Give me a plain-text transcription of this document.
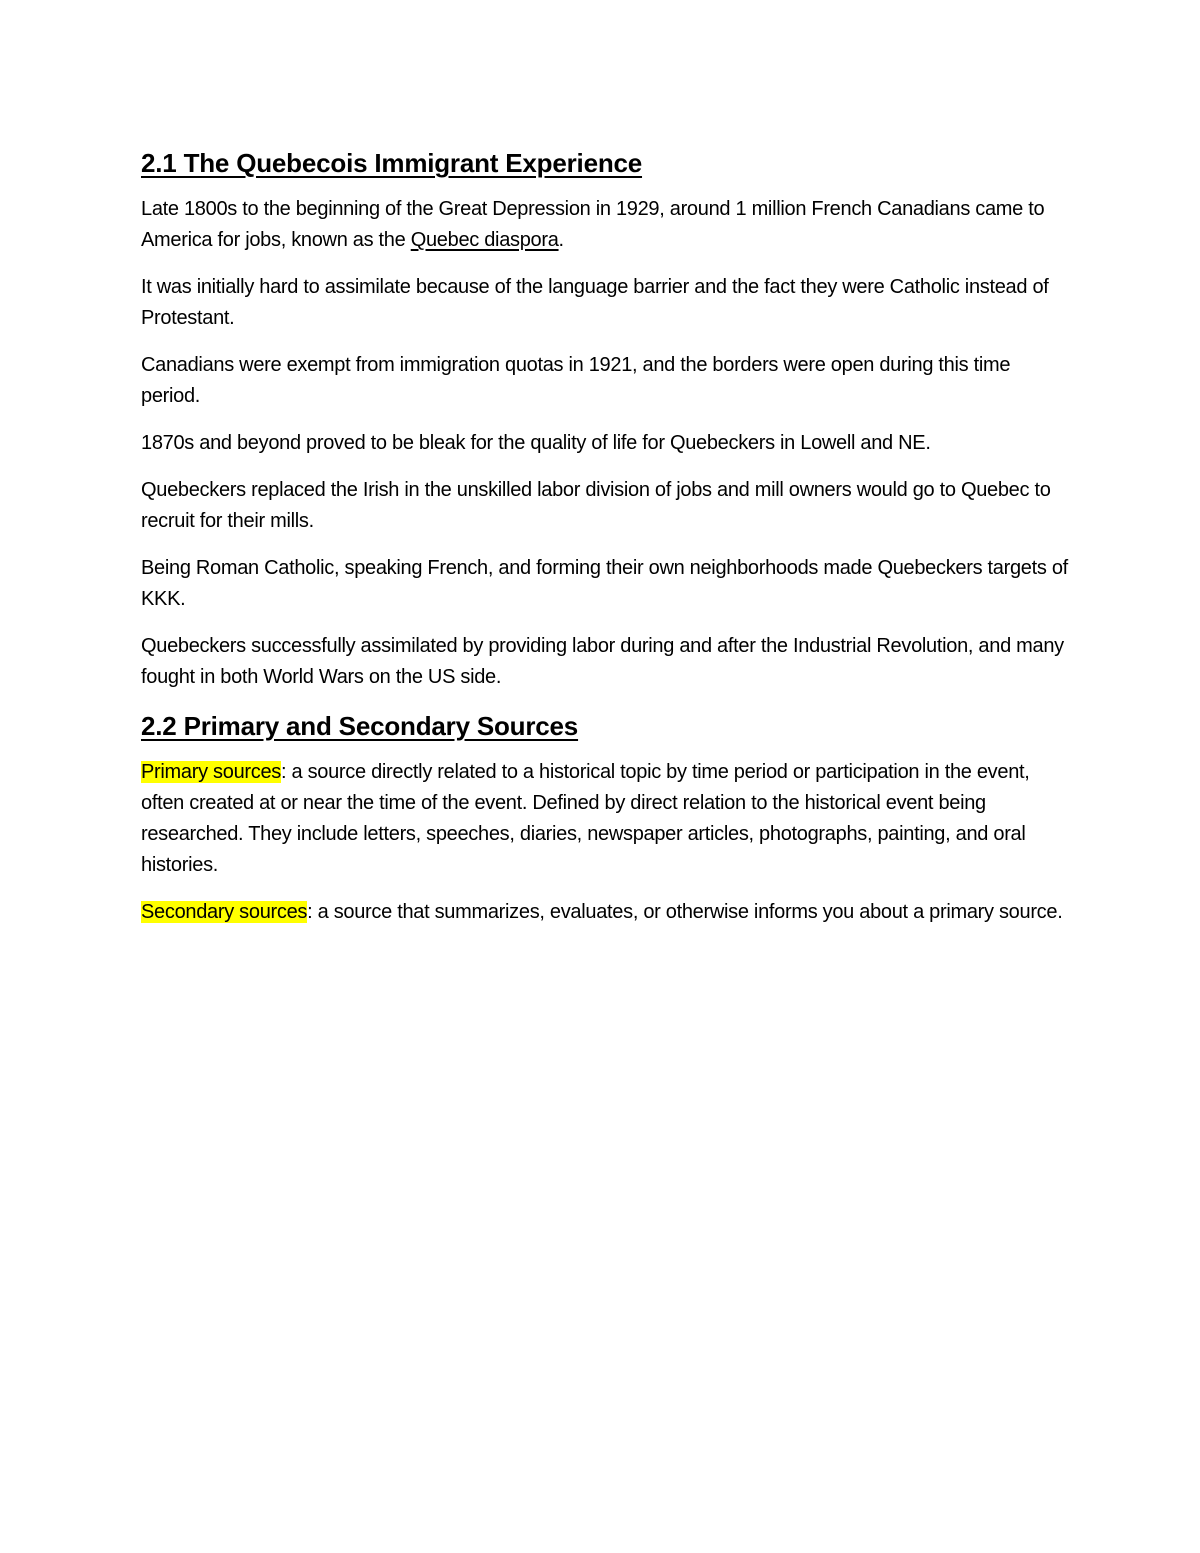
2.1 The Quebecois Immigrant Experience

Late 1800s to the beginning of the Great Depression in 1929, around 1 million French Canadians came to America for jobs, known as the Quebec diaspora.

It was initially hard to assimilate because of the language barrier and the fact they were Catholic instead of Protestant.

Canadians were exempt from immigration quotas in 1921, and the borders were open during this time period.

1870s and beyond proved to be bleak for the quality of life for Quebeckers in Lowell and NE.

Quebeckers replaced the Irish in the unskilled labor division of jobs and mill owners would go to Quebec to recruit for their mills.

Being Roman Catholic, speaking French, and forming their own neighborhoods made Quebeckers targets of KKK.

Quebeckers successfully assimilated by providing labor during and after the Industrial Revolution, and many fought in both World Wars on the US side.

2.2 Primary and Secondary Sources

Primary sources: a source directly related to a historical topic by time period or participation in the event, often created at or near the time of the event. Defined by direct relation to the historical event being researched. They include letters, speeches, diaries, newspaper articles, photographs, painting, and oral histories.

Secondary sources: a source that summarizes, evaluates, or otherwise informs you about a primary source.
